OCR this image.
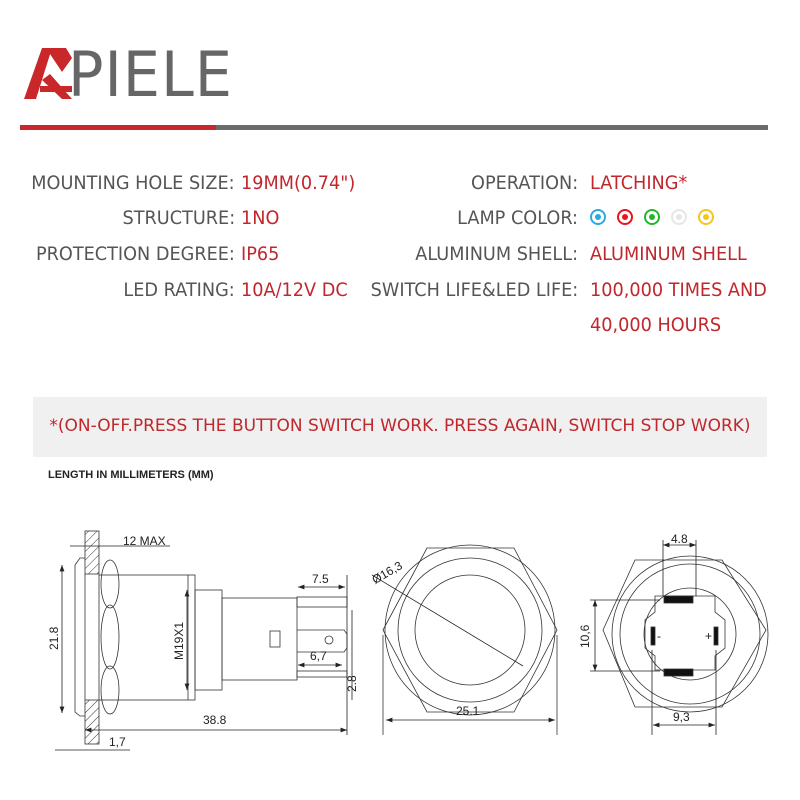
PIELE
MOUNTING HOLE SIZE: 19MM(0.74")
STRUCTURE: 1NO
PROTECTION DEGREE: IP65
LED RATING: 10A/12V DC
OPERATION: LATCHING*
LAMP COLOR:
ALUMINUM SHELL: ALUMINUM SHELL
SWITCH LIFE&LED LIFE: 100,000 TIMES AND
40,000 HOURS
*(ON-OFF.PRESS THE BUTTON SWITCH WORK. PRESS AGAIN, SWITCH STOP WORK)
LENGTH IN MILLIMETERS (MM)
12 MAX
21.8	M19X1
7.5
6,7
2.8
38.8
1,7
Ø16,3
25.1
4.8
10,6
9,3
-	+
